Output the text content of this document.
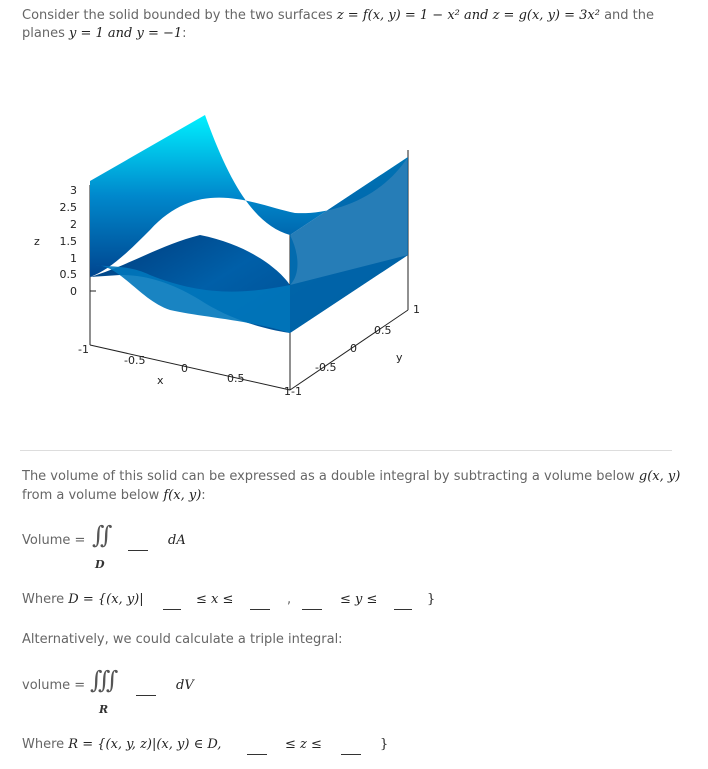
Consider the solid bounded by the two surfaces z = f(x, y) = 1 − x² and z = g(x, y) = 3x² and the
planes y = 1 and y = −1:
3
2.5
2
1.5
1
0.5
0
z
-1
-0.5
0
0.5
1
x
-1
-0.5
0
0.5
1
y
The volume of this solid can be expressed as a double integral by subtracting a volume below g(x, y)
from a volume below f(x, y):
Volume = ∬
D
dA
Where D = {(x, y)|	≤ x ≤	,	≤ y ≤	}
Alternatively, we could calculate a triple integral:
volume = ∭
R
dV
Where R = {(x, y, z)|(x, y) ∈ D,	≤ z ≤	}
